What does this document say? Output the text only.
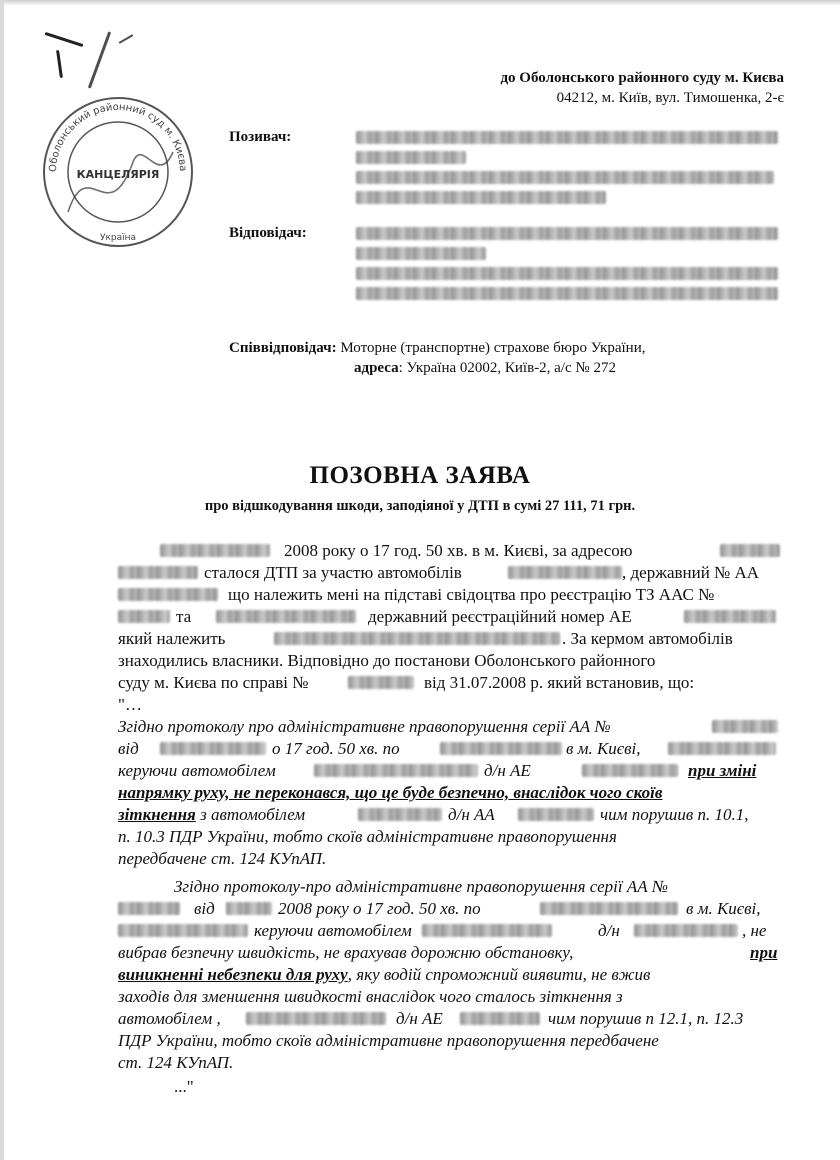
Оболонський районний суд м. Києва
КАНЦЕЛЯРІЯ
Україна
до Оболонського районного суду м. Києва
04212, м. Київ, вул. Тимошенка, 2-є
Позивач:
Відповідач:
Співвідповідач: Моторне (транспортне) страхове бюро України,
адреса: Україна 02002, Київ-2, а/с № 272
ПОЗОВНА ЗАЯВА
про відшкодування шкоди, заподіяної у ДТП в сумі 27 111, 71 грн.
2008 року о 17 год. 50 хв. в м. Києві, за адресою
сталося ДТП за участю автомобілів	, державний № АА
що належить мені на підставі свідоцтва про реєстрацію ТЗ ААС №
та	державний реєстраційний номер АЕ
який належить	. За кермом автомобілів
знаходились власники. Відповідно до постанови Оболонського районного
суду м. Києва по справі №	від 31.07.2008 р. який встановив, що:
"…
Згідно протоколу про адміністративне правопорушення серії АА №
від	о 17 год. 50 хв. по	в м. Києві,
керуючи автомобілем	д/н АЕ	при зміні
напрямку руху, не переконався, що це буде безпечно, внаслідок чого скоїв
зіткнення з автомобілем	д/н АА	чим порушив п. 10.1,
п. 10.3 ПДР України, тобто скоїв адміністративне правопорушення
передбачене ст. 124 КУпАП.
Згідно протоколу-про адміністративне правопорушення серії АА №
від	2008 року о 17 год. 50 хв. по	в м. Києві,
керуючи автомобілем	д/н	, не
вибрав безпечну швидкість, не врахував дорожню обстановку,	при
виникненні небезпеки для руху, яку водій спроможний виявити, не вжив
заходів для зменшення швидкості внаслідок чого сталось зіткнення з
автомобілем ,	д/н АЕ	чим порушив п 12.1, п. 12.3
ПДР України, тобто скоїв адміністративне правопорушення передбачене
ст. 124 КУпАП.
..."
